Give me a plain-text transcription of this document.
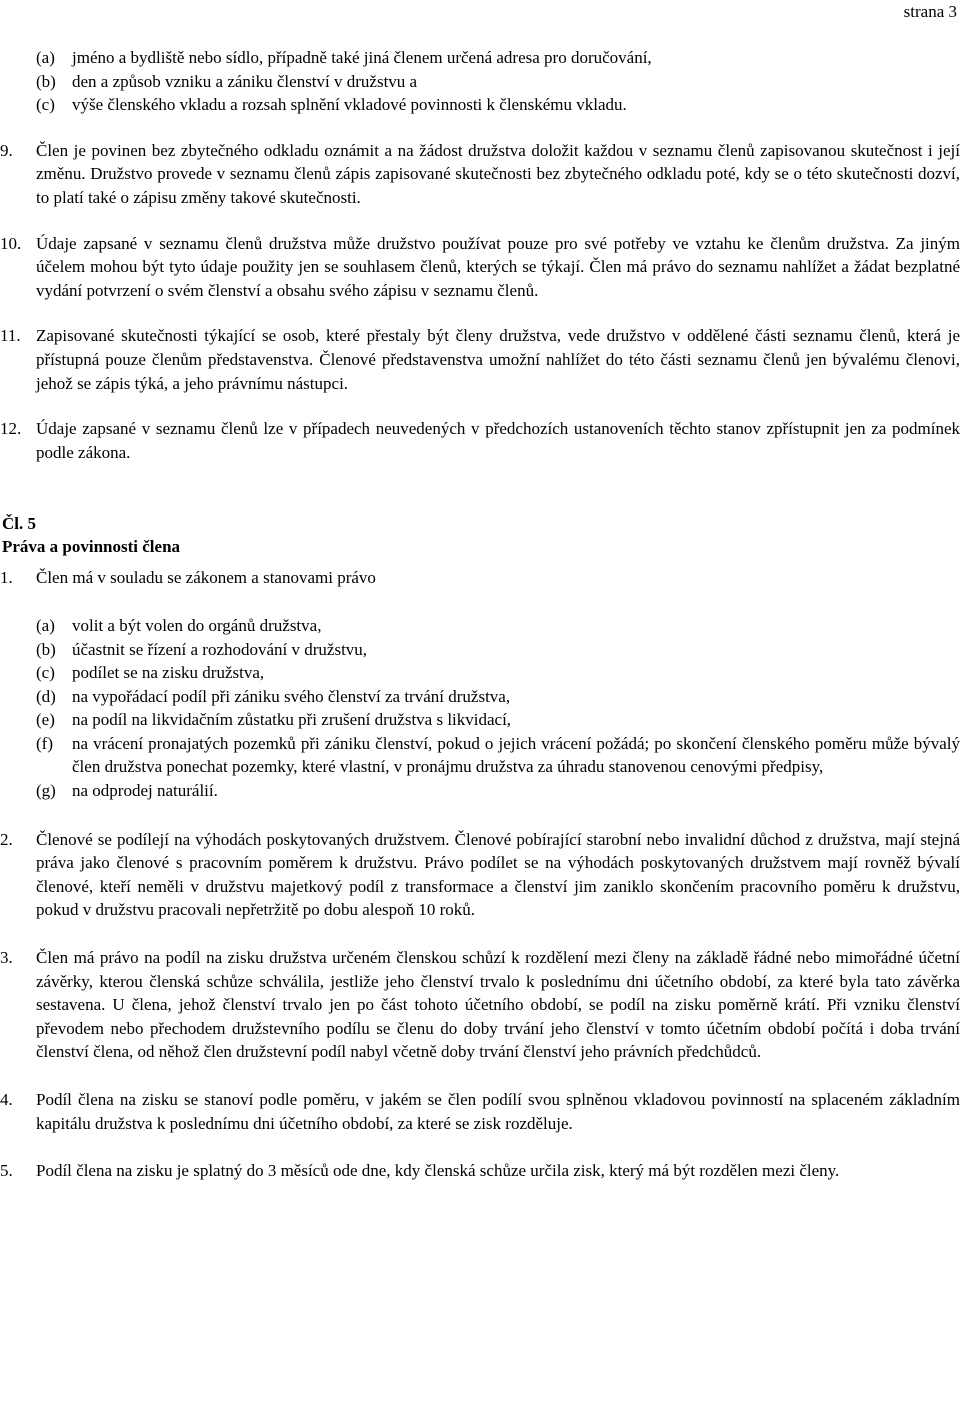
strana 3
(a) jméno a bydliště nebo sídlo, případně také jiná členem určená adresa pro doručování,
(b) den a způsob vzniku a zániku členství v družstvu a
(c) výše členského vkladu a rozsah splnění vkladové povinnosti k členskému vkladu.
9. Člen je povinen bez zbytečného odkladu oznámit a na žádost družstva doložit každou v seznamu členů zapisovanou skutečnost i její změnu. Družstvo provede v seznamu členů zápis zapisované skutečnosti bez zbytečného odkladu poté, kdy se o této skutečnosti dozví, to platí také o zápisu změny takové skutečnosti.
10. Údaje zapsané v seznamu členů družstva může družstvo používat pouze pro své potřeby ve vztahu ke členům družstva. Za jiným účelem mohou být tyto údaje použity jen se souhlasem členů, kterých se týkají. Člen má právo do seznamu nahlížet a žádat bezplatné vydání potvrzení o svém členství a obsahu svého zápisu v seznamu členů.
11. Zapisované skutečnosti týkající se osob, které přestaly být členy družstva, vede družstvo v oddělené části seznamu členů, která je přístupná pouze členům představenstva. Členové představenstva umožní nahlížet do této části seznamu členů jen bývalému členovi, jehož se zápis týká, a jeho právnímu nástupci.
12. Údaje zapsané v seznamu členů lze v případech neuvedených v předchozích ustanoveních těchto stanov zpřístupnit jen za podmínek podle zákona.
Čl. 5
Práva a povinnosti člena
1. Člen má v souladu se zákonem a stanovami právo
(a) volit a být volen do orgánů družstva,
(b) účastnit se řízení a rozhodování v družstvu,
(c) podílet se na zisku družstva,
(d) na vypořádací podíl při zániku svého členství za trvání družstva,
(e) na podíl na likvidačním zůstatku při zrušení družstva s likvidací,
(f) na vrácení pronajatých pozemků při zániku členství, pokud o jejich vrácení požádá; po skončení členského poměru může bývalý člen družstva ponechat pozemky, které vlastní, v pronájmu družstva za úhradu stanovenou cenovými předpisy,
(g) na odprodej naturálií.
2. Členové se podílejí na výhodách poskytovaných družstvem. Členové pobírající starobní nebo invalidní důchod z družstva, mají stejná práva jako členové s pracovním poměrem k družstvu. Právo podílet se na výhodách poskytovaných družstvem mají rovněž bývalí členové, kteří neměli v družstvu majetkový podíl z transformace a členství jim zaniklo skončením pracovního poměru k družstvu, pokud v družstvu pracovali nepřetržitě po dobu alespoň 10 roků.
3. Člen má právo na podíl na zisku družstva určeném členskou schůzí k rozdělení mezi členy na základě řádné nebo mimořádné účetní závěrky, kterou členská schůze schválila, jestliže jeho členství trvalo k poslednímu dni účetního období, za které byla tato závěrka sestavena. U člena, jehož členství trvalo jen po část tohoto účetního období, se podíl na zisku poměrně krátí. Při vzniku členství převodem nebo přechodem družstevního podílu se členu do doby trvání jeho členství v tomto účetním období počítá i doba trvání členství člena, od něhož člen družstevní podíl nabyl včetně doby trvání členství jeho právních předchůdců.
4. Podíl člena na zisku se stanoví podle poměru, v jakém se člen podílí svou splněnou vkladovou povinností na splaceném základním kapitálu družstva k poslednímu dni účetního období, za které se zisk rozděluje.
5. Podíl člena na zisku je splatný do 3 měsíců ode dne, kdy členská schůze určila zisk, který má být rozdělen mezi členy.
